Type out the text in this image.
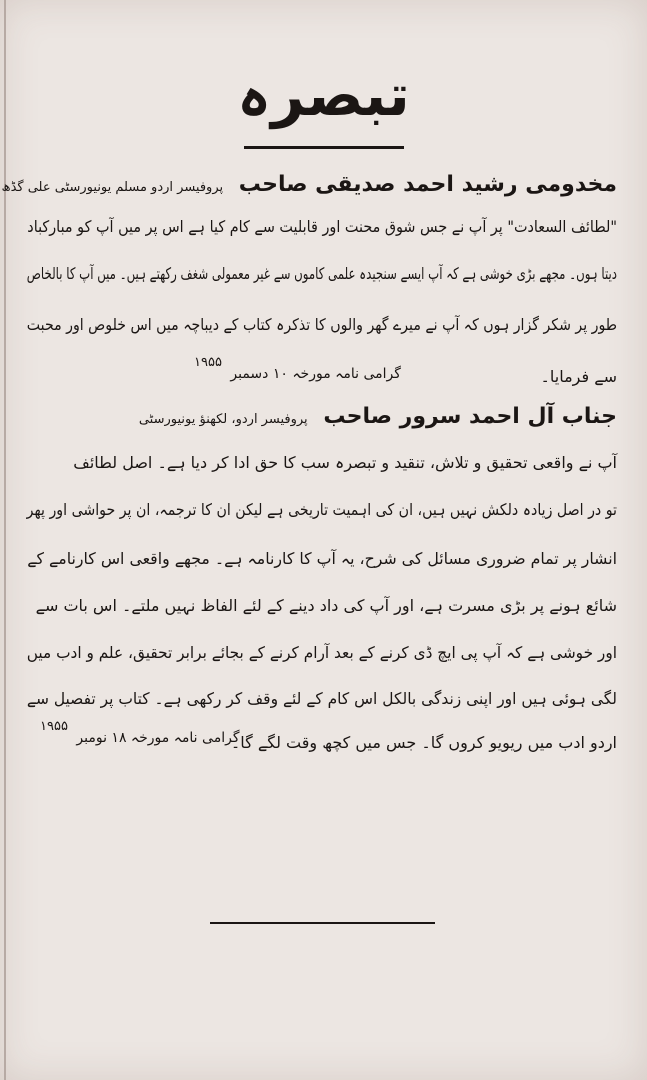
تبصرہ
مخدومی رشید احمد صدیقی صاحب پروفیسر اردو مسلم یونیورسٹی علی گڈھ
"لطائف السعادت" پر آپ نے جس شوق محنت اور قابلیت سے کام کیا ہے اس پر میں آپ کو مبارکباد
دیتا ہوں۔ مجھے بڑی خوشی ہے کہ آپ ایسے سنجیدہ علمی کاموں سے غیر معمولی شغف رکھتے ہیں۔ میں آپ کا بالخاص
طور پر شکر گزار ہوں کہ آپ نے میرے گھر والوں کا تذکرہ کتاب کے دیباچہ میں اس خلوص اور محبت
سے فرمایا۔
گرامی نامہ مورخہ ۱۰ دسمبر ۱۹۵۵
جناب آل احمد سرور صاحب پروفیسر اردو، لکھنؤ یونیورسٹی
آپ نے واقعی تحقیق و تلاش، تنقید و تبصرہ سب کا حق ادا کر دیا ہے۔ اصل لطائف
تو در اصل زیادہ دلکش نہیں ہیں، ان کی اہمیت تاریخی ہے لیکن ان کا ترجمہ، ان پر حواشی اور پھر
انشار پر تمام ضروری مسائل کی شرح، یہ آپ کا کارنامہ ہے۔ مجھے واقعی اس کارنامے کے
شائع ہونے پر بڑی مسرت ہے، اور آپ کی داد دینے کے لئے الفاظ نہیں ملتے۔ اس بات سے
اور خوشی ہے کہ آپ پی ایچ ڈی کرنے کے بعد آرام کرنے کے بجائے برابر تحقیق، علم و ادب میں
لگی ہوئی ہیں اور اپنی زندگی بالکل اس کام کے لئے وقف کر رکھی ہے۔ کتاب پر تفصیل سے
اردو ادب میں ریویو کروں گا۔ جس میں کچھ وقت لگے گا۔
گرامی نامہ مورخہ ۱۸ نومبر ۱۹۵۵
